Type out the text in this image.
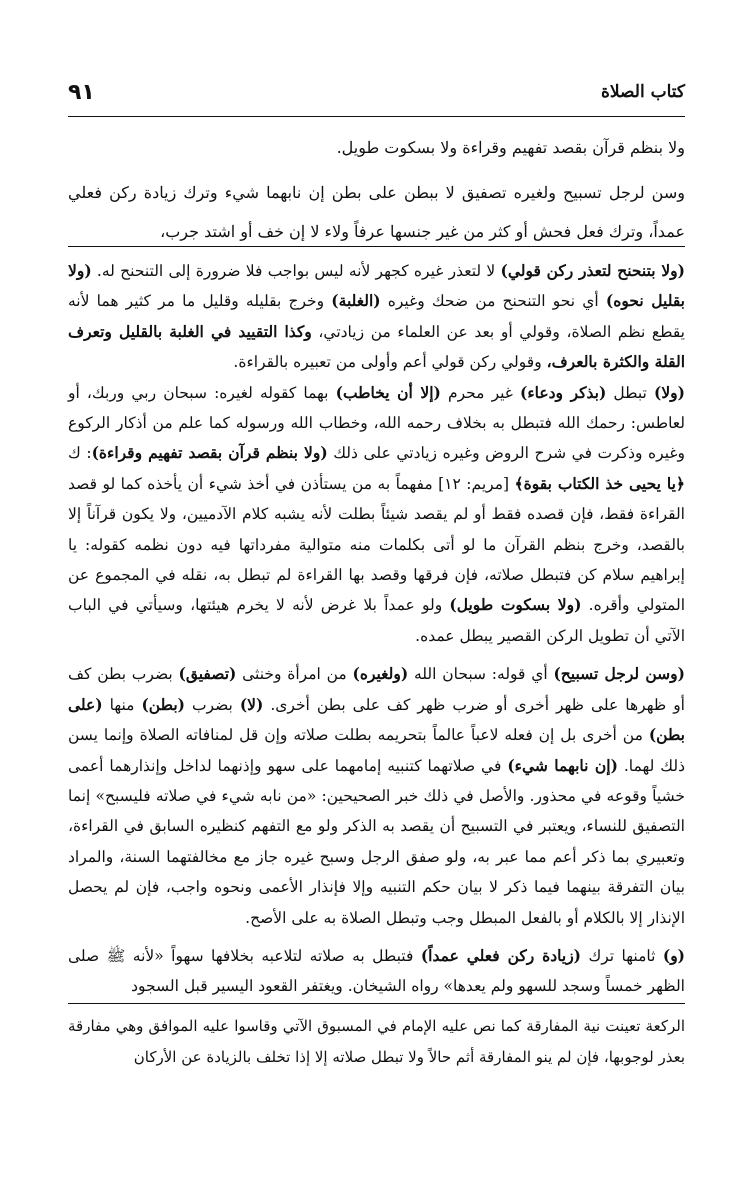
كتاب الصلاة
٩١

ولا بنظم قرآن بقصد تفهيم وقراءة ولا بسكوت طويل.

وسن لرجل تسبيح ولغيره تصفيق لا ببطن على بطن إن نابهما شيء وترك زيادة ركن فعلي عمداً، وترك فعل فحش أو كثر من غير جنسها عرفاً ولاء لا إن خف أو اشتد جرب،

(ولا بتنحنح لتعذر ركن قولي) لا لتعذر غيره كجهر لأنه ليس بواجب فلا ضرورة إلى التنحنح له. (ولا بقليل نحوه) أي نحو التنحنح من ضحك وغيره (الغلبة) وخرج بقليله وقليل ما مر كثير هما لأنه يقطع نظم الصلاة، وقولي أو بعد عن العلماء من زيادتي، وكذا التقييد في الغلبة بالقليل وتعرف القلة والكثرة بالعرف، وقولي ركن قولي أعم وأولى من تعبيره بالقراءة.

(ولا) تبطل (بذكر ودعاء) غير محرم (إلا أن يخاطب) بهما كقوله لغيره: سبحان ربي وربك، أو لعاطس: رحمك الله فتبطل به بخلاف رحمه الله، وخطاب الله ورسوله كما علم من أذكار الركوع وغيره وذكرت في شرح الروض وغيره زيادتي على ذلك (ولا بنظم قرآن بقصد تفهيم وقراءة): ك ﴿يا يحيى خذ الكتاب بقوة﴾ [مريم: ١٢] مفهماً به من يستأذن في أخذ شيء أن يأخذه كما لو قصد القراءة فقط، فإن قصده فقط أو لم يقصد شيئاً بطلت لأنه يشبه كلام الآدميين، ولا يكون قرآناً إلا بالقصد، وخرج بنظم القرآن ما لو أتى بكلمات منه متوالية مفرداتها فيه دون نظمه كقوله: يا إبراهيم سلام كن فتبطل صلاته، فإن فرقها وقصد بها القراءة لم تبطل به، نقله في المجموع عن المتولي وأقره. (ولا بسكوت طويل) ولو عمداً بلا غرض لأنه لا يخرم هيئتها، وسيأتي في الباب الآتي أن تطويل الركن القصير يبطل عمده.

(وسن لرجل تسبيح) أي قوله: سبحان الله (ولغيره) من امرأة وخنثى (تصفيق) بضرب بطن كف أو ظهرها على ظهر أخرى أو ضرب ظهر كف على بطن أخرى. (لا) بضرب (بطن) منها (على بطن) من أخرى بل إن فعله لاعباً عالماً بتحريمه بطلت صلاته وإن قل لمنافاته الصلاة وإنما يسن ذلك لهما. (إن نابهما شيء) في صلاتهما كتنبيه إمامهما على سهو وإذنهما لداخل وإنذارهما أعمى خشياً وقوعه في محذور. والأصل في ذلك خبر الصحيحين: «من نابه شيء في صلاته فليسبح» إنما التصفيق للنساء، ويعتبر في التسبيح أن يقصد به الذكر ولو مع التفهم كنظيره السابق في القراءة، وتعبيري بما ذكر أعم مما عبر به، ولو صفق الرجل وسبح غيره جاز مع مخالفتهما السنة، والمراد بيان التفرقة بينهما فيما ذكر لا بيان حكم التنبيه وإلا فإنذار الأعمى ونحوه واجب، فإن لم يحصل الإنذار إلا بالكلام أو بالفعل المبطل وجب وتبطل الصلاة به على الأصح.

(و) ثامنها ترك (زيادة ركن فعلي عمداً) فتبطل به صلاته لتلاعبه بخلافها سهواً «لأنه ﷺ صلى الظهر خمساً وسجد للسهو ولم يعدها» رواه الشيخان. ويغتفر القعود اليسير قبل السجود

الركعة تعينت نية المفارقة كما نص عليه الإمام في المسبوق الآتي وقاسوا عليه الموافق وهي مفارقة بعذر لوجوبها، فإن لم ينو المفارقة أثم حالاً ولا تبطل صلاته إلا إذا تخلف بالزيادة عن الأركان
